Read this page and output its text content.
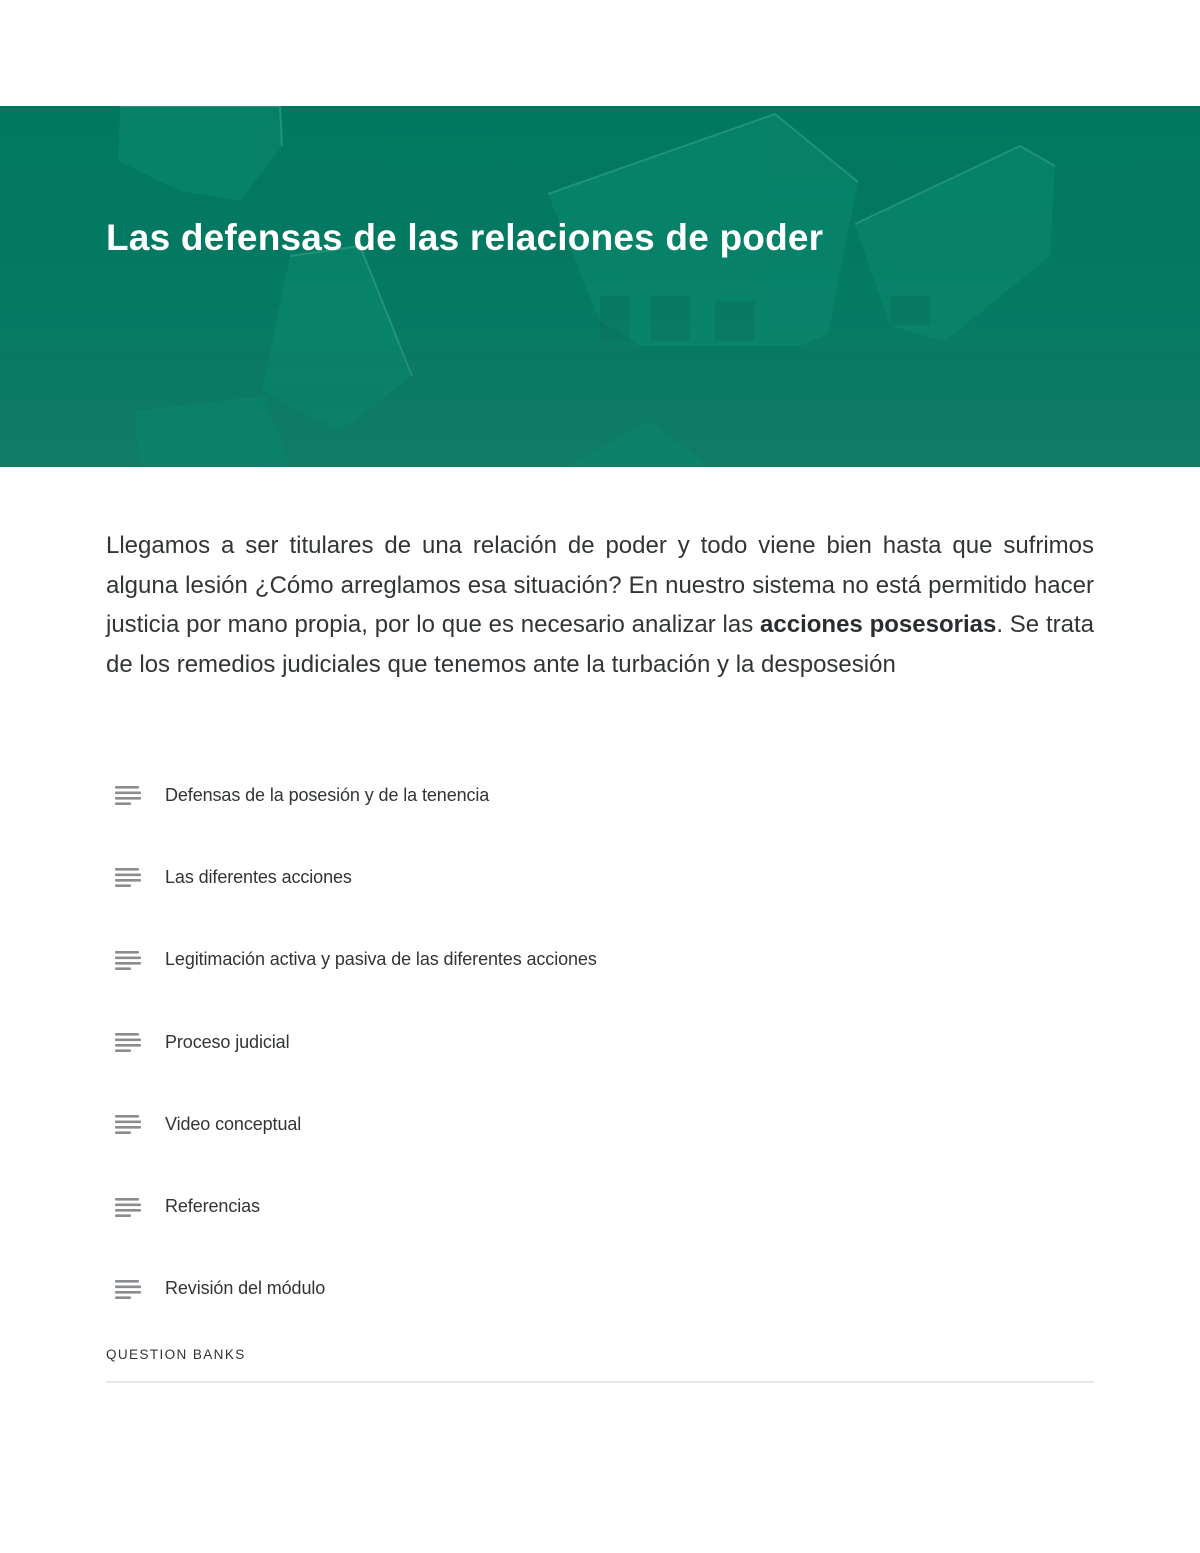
Las defensas de las relaciones de poder

Llegamos a ser titulares de una relación de poder y todo viene bien hasta que sufrimos alguna lesión ¿Cómo arreglamos esa situación? En nuestro sistema no está permitido hacer justicia por mano propia, por lo que es necesario analizar las acciones posesorias. Se trata de los remedios judiciales que tenemos ante la turbación y la desposesión

Defensas de la posesión y de la tenencia
Las diferentes acciones
Legitimación activa y pasiva de las diferentes acciones
Proceso judicial
Video conceptual
Referencias
Revisión del módulo

QUESTION BANKS
